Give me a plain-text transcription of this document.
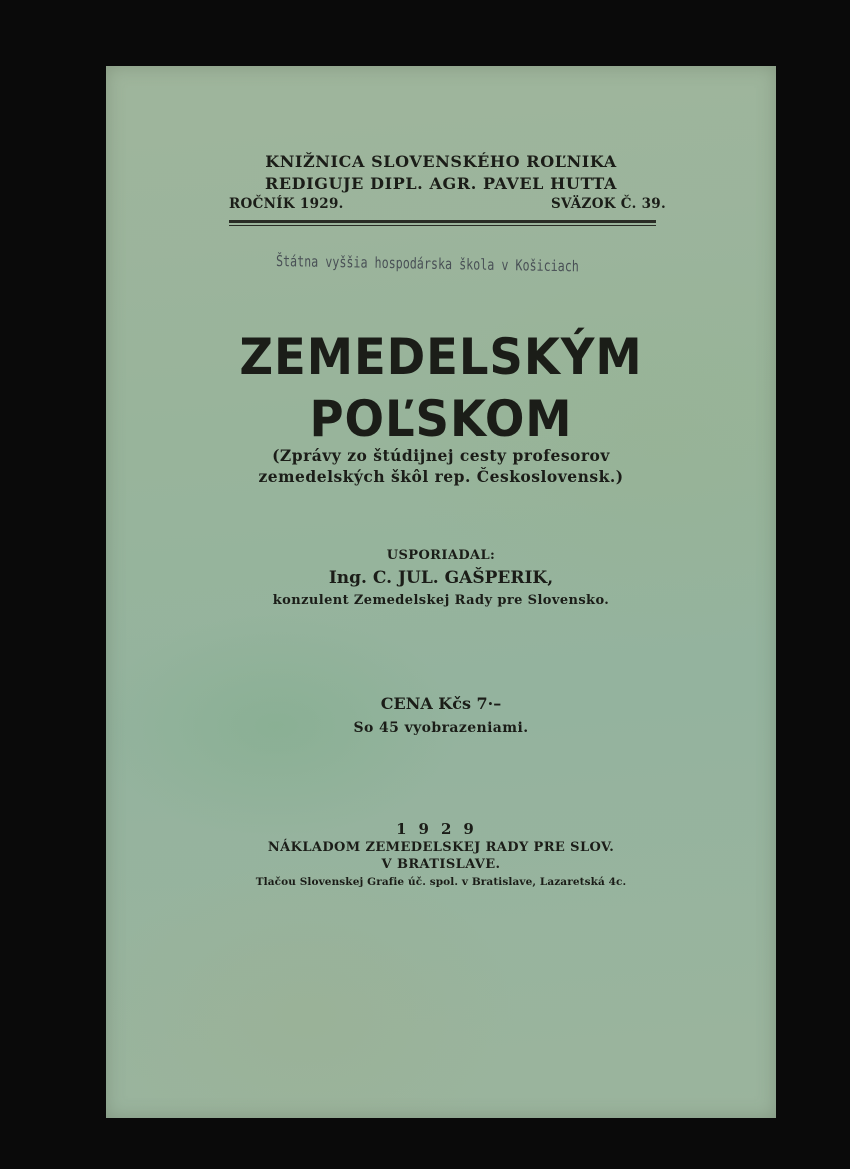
KNIŽNICA SLOVENSKÉHO ROĽNIKA
REDIGUJE DIPL. AGR. PAVEL HUTTA
ROČNÍK 1929.	SVÄZOK Č. 39.
Štátna vyššia hospodárska škola v Košiciach
ZEMEDELSKÝM
POĽSKOM
(Zprávy zo štúdijnej cesty profesorov
zemedelských škôl rep. Československ.)
USPORIADAL:
Ing. C. JUL. GAŠPERIK,
konzulent Zemedelskej Rady pre Slovensko.
CENA Kčs 7·–
So 45 vyobrazeniami.
1929
NÁKLADOM ZEMEDELSKEJ RADY PRE SLOV.
V BRATISLAVE.
Tlačou Slovenskej Grafie úč. spol. v Bratislave, Lazaretská 4c.
